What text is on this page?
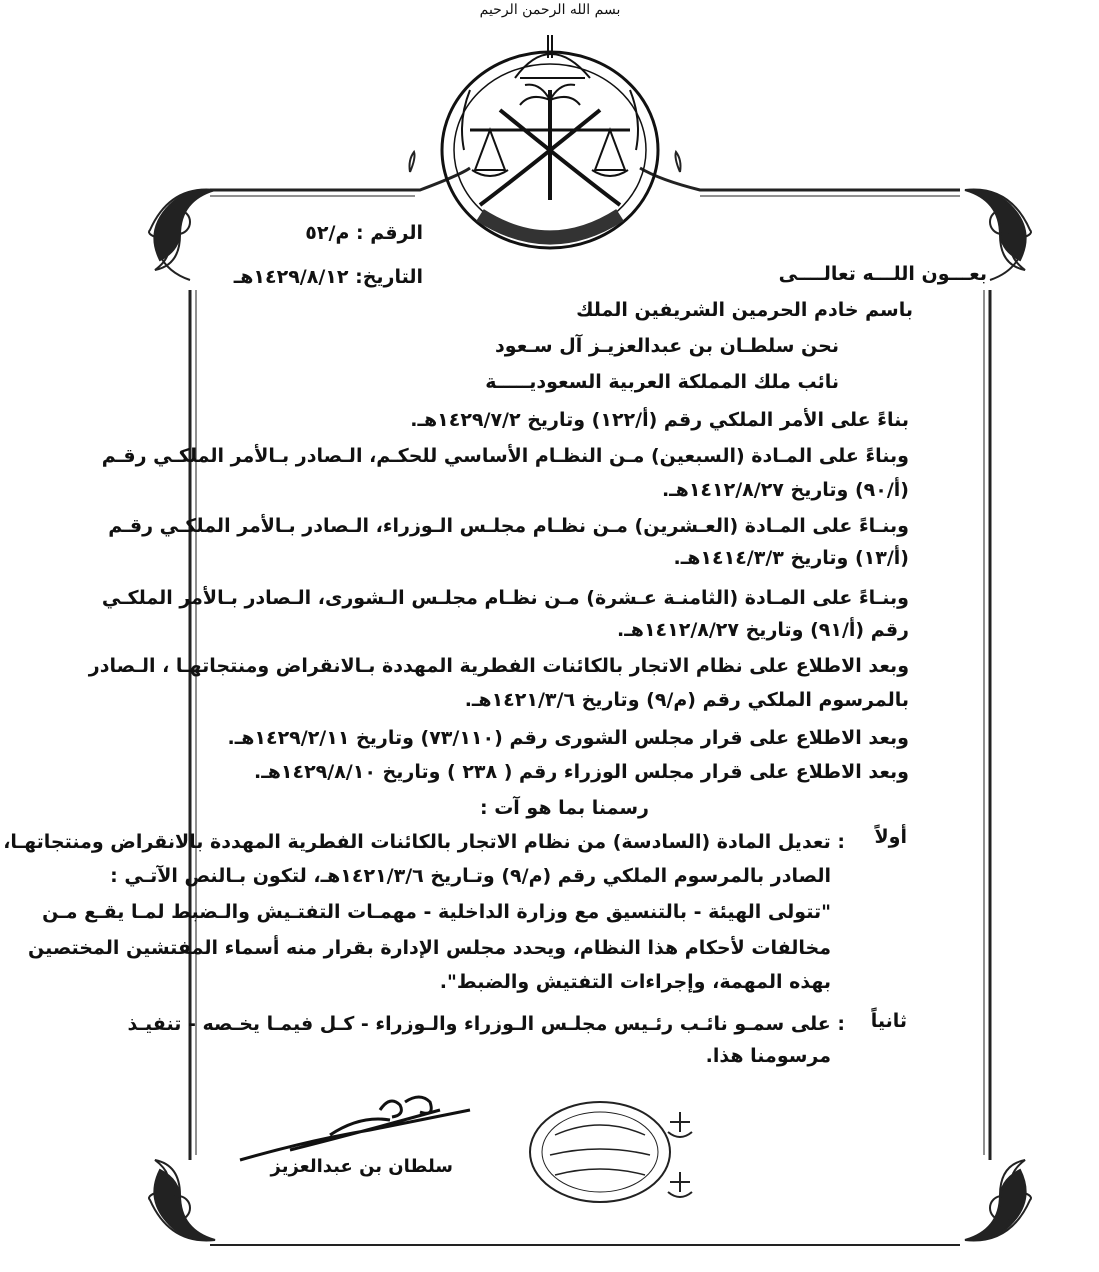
بسم الله الرحمن الرحيم
الرقم : م/٥٢
التاريخ: ١٤٢٩/٨/١٢هـ	بعـــون اللـــه تعالــــى
باسم خادم الحرمين الشريفين الملك
نحن سلطـان بن عبدالعزيـز آل سـعود
نائب ملك المملكة العربية السعوديـــــة
بناءً على الأمر الملكي رقم (أ/١٢٢) وتاريخ ١٤٢٩/٧/٢هـ.
وبناءً على المـادة (السبعين) مـن النظـام الأساسي للحكـم، الـصادر بـالأمر الملكـي رقـم
(أ/٩٠) وتاريخ ١٤١٢/٨/٢٧هـ.
وبنـاءً على المـادة (العـشرين) مـن نظـام مجلـس الـوزراء، الـصادر بـالأمر الملكـي رقـم
(أ/١٣) وتاريخ ١٤١٤/٣/٣هـ.
وبنـاءً على المـادة (الثامنـة عـشرة) مـن نظـام مجلـس الـشورى، الـصادر بـالأمر الملكـي
رقم (أ/٩١) وتاريخ ١٤١٢/٨/٢٧هـ.
وبعد الاطلاع على نظام الاتجار بالكائنات الفطرية المهددة بـالانقراض ومنتجاتهـا ، الـصادر
بالمرسوم الملكي رقم (م/٩) وتاريخ ١٤٢١/٣/٦هـ.
وبعد الاطلاع على قرار مجلس الشورى رقم (٧٣/١١٠) وتاريخ ١٤٢٩/٢/١١هـ.
وبعد الاطلاع على قرار مجلس الوزراء رقم ( ٢٣٨ ) وتاريخ ١٤٢٩/٨/١٠هـ.
رسمنا بما هو آت :
أولاً
: تعديل المادة (السادسة) من نظام الاتجار بالكائنات الفطرية المهددة بالانقراض ومنتجاتهـا،
الصادر بالمرسوم الملكي رقم (م/٩) وتـاريخ ١٤٢١/٣/٦هـ، لتكون بـالنص الآتـي :
"تتولى الهيئة - بالتنسيق مع وزارة الداخلية - مهمـات التفتـيش والـضبط لمـا يقـع مـن
مخالفات لأحكام هذا النظام، ويحدد مجلس الإدارة بقرار منه أسماء المفتشين المختصين
بهذه المهمة، وإجراءات التفتيش والضبط".
ثانياً
: على سمـو نائـب رئـيس مجلـس الـوزراء والـوزراء - كـل فيمـا يخـصه - تنفيـذ
مرسومنا هذا.
سلطان بن عبدالعزيز
